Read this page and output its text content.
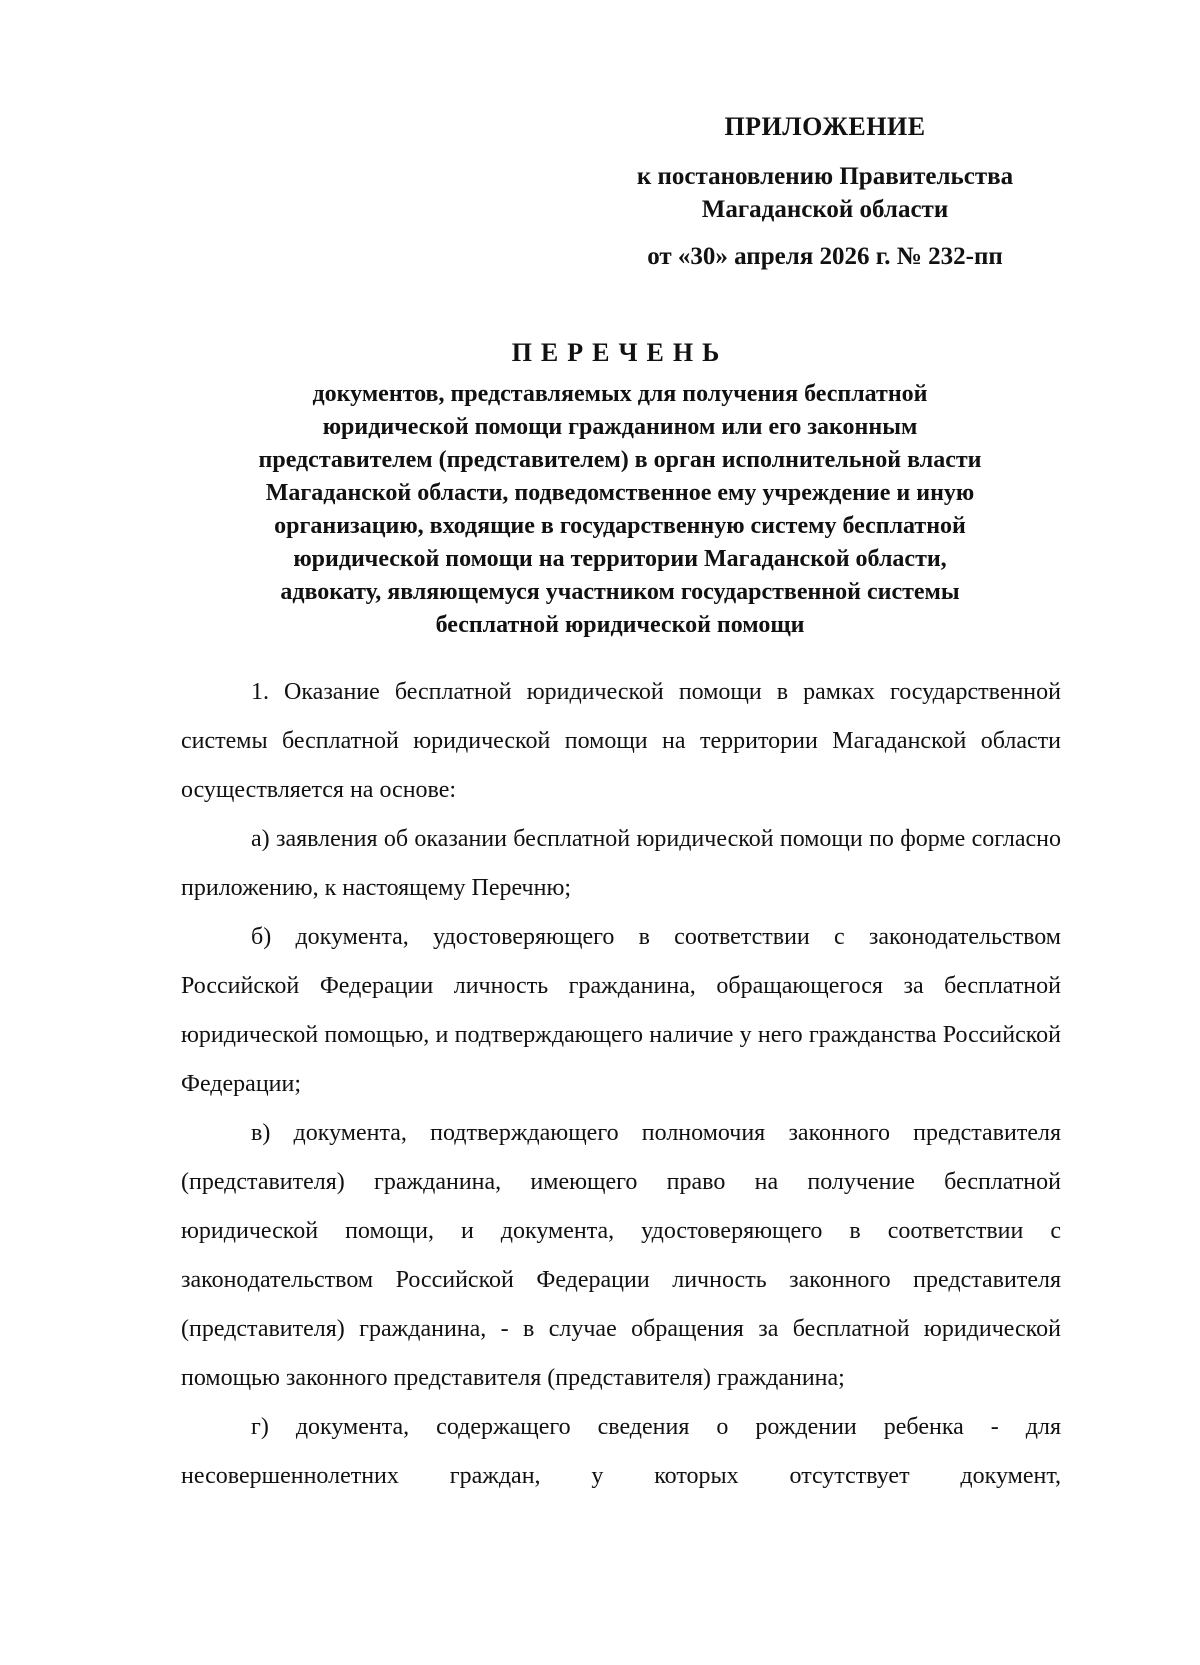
ПРИЛОЖЕНИЕ
к постановлению Правительства
Магаданской области
от «30» апреля 2026 г. № 232-пп
ПЕРЕЧЕНЬ
документов, представляемых для получения бесплатной
юридической помощи гражданином или его законным
представителем (представителем) в орган исполнительной власти
Магаданской области, подведомственное ему учреждение и иную
организацию, входящие в государственную систему бесплатной
юридической помощи на территории Магаданской области,
адвокату, являющемуся участником государственной системы
бесплатной юридической помощи

1. Оказание бесплатной юридической помощи в рамках государственной системы бесплатной юридической помощи на территории Магаданской области осуществляется на основе:

а) заявления об оказании бесплатной юридической помощи по форме согласно приложению, к настоящему Перечню;

б) документа, удостоверяющего в соответствии с законодательством Российской Федерации личность гражданина, обращающегося за бесплатной юридической помощью, и подтверждающего наличие у него гражданства Российской Федерации;

в) документа, подтверждающего полномочия законного представителя (представителя) гражданина, имеющего право на получение бесплатной юридической помощи, и документа, удостоверяющего в соответствии с законодательством Российской Федерации личность законного представителя (представителя) гражданина, - в случае обращения за бесплатной юридической помощью законного представителя (представителя) гражданина;

г) документа, содержащего сведения о рождении ребенка - для несовершеннолетних граждан, у которых отсутствует документ,
